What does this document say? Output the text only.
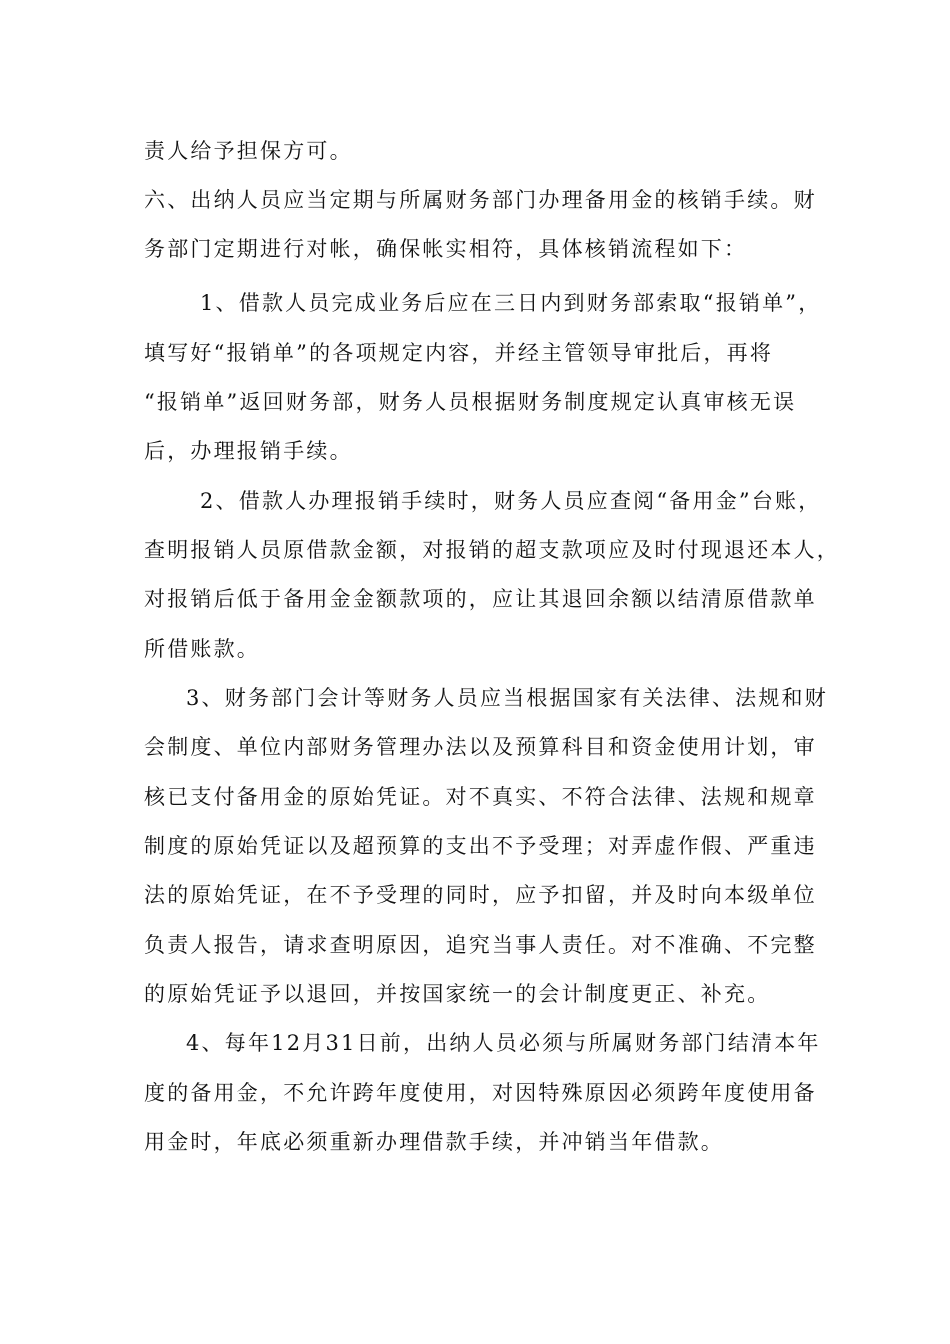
责人给予担保方可。
六、出纳人员应当定期与所属财务部门办理备用金的核销手续。财
务部门定期进行对帐，确保帐实相符，具体核销流程如下：
1、借款人员完成业务后应在三日内到财务部索取“报销单”，
填写好“报销单”的各项规定内容，并经主管领导审批后，再将
“报销单”返回财务部，财务人员根据财务制度规定认真审核无误
后，办理报销手续。
2、借款人办理报销手续时，财务人员应查阅“备用金”台账，
查明报销人员原借款金额，对报销的超支款项应及时付现退还本人，
对报销后低于备用金金额款项的，应让其退回余额以结清原借款单
所借账款。
3、财务部门会计等财务人员应当根据国家有关法律、法规和财
会制度、单位内部财务管理办法以及预算科目和资金使用计划，审
核已支付备用金的原始凭证。对不真实、不符合法律、法规和规章
制度的原始凭证以及超预算的支出不予受理；对弄虚作假、严重违
法的原始凭证，在不予受理的同时，应予扣留，并及时向本级单位
负责人报告，请求查明原因，追究当事人责任。对不准确、不完整
的原始凭证予以退回，并按国家统一的会计制度更正、补充。
4、每年12月31日前，出纳人员必须与所属财务部门结清本年
度的备用金，不允许跨年度使用，对因特殊原因必须跨年度使用备
用金时，年底必须重新办理借款手续，并冲销当年借款。
